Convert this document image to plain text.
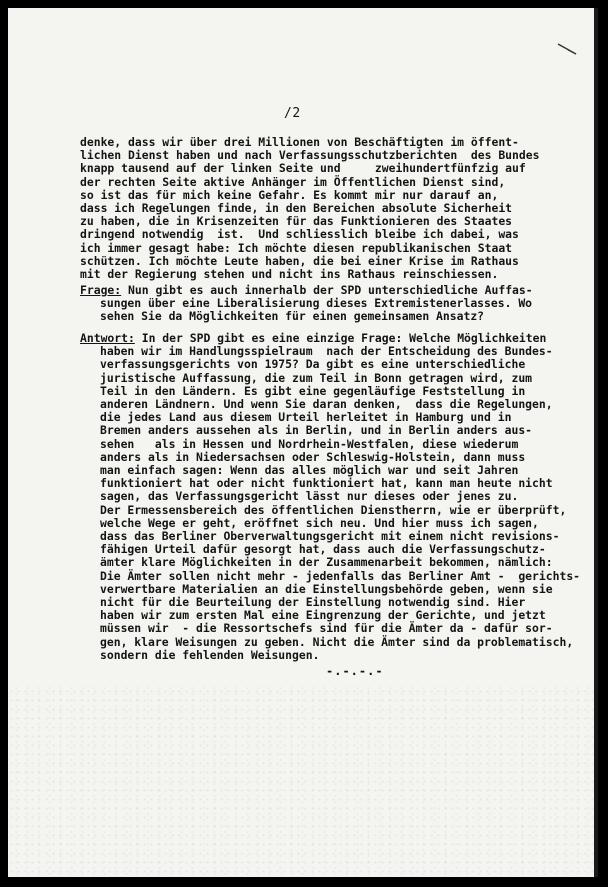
/2
denke, dass wir über drei Millionen von Beschäftigten im öffent-
lichen Dienst haben und nach Verfassungsschutzberichten  des Bundes
knapp tausend auf der linken Seite und     zweihundertfünfzig auf
der rechten Seite aktive Anhänger im Öffentlichen Dienst sind,
so ist das für mich keine Gefahr. Es kommt mir nur darauf an,
dass ich Regelungen finde, in den Bereichen absolute Sicherheit
zu haben, die in Krisenzeiten für das Funktionieren des Staates
dringend notwendig  ist.  Und schliesslich bleibe ich dabei, was
ich immer gesagt habe: Ich möchte diesen republikanischen Staat
schützen. Ich möchte Leute haben, die bei einer Krise im Rathaus
mit der Regierung stehen und nicht ins Rathaus reinschiessen.
Frage: Nun gibt es auch innerhalb der SPD unterschiedliche Auffas-
sungen über eine Liberalisierung dieses Extremistenerlasses. Wo
sehen Sie da Möglichkeiten für einen gemeinsamen Ansatz?
Antwort: In der SPD gibt es eine einzige Frage: Welche Möglichkeiten
haben wir im Handlungsspielraum  nach der Entscheidung des Bundes-
verfassungsgerichts von 1975? Da gibt es eine unterschiedliche
juristische Auffassung, die zum Teil in Bonn getragen wird, zum
Teil in den Ländern. Es gibt eine gegenläufige Feststellung in
anderen Ländnern. Und wenn Sie daran denken,  dass die Regelungen,
die jedes Land aus diesem Urteil herleitet in Hamburg und in
Bremen anders aussehen als in Berlin, und in Berlin anders aus-
sehen   als in Hessen und Nordrhein-Westfalen, diese wiederum
anders als in Niedersachsen oder Schleswig-Holstein, dann muss
man einfach sagen: Wenn das alles möglich war und seit Jahren
funktioniert hat oder nicht funktioniert hat, kann man heute nicht
sagen, das Verfassungsgericht lässt nur dieses oder jenes zu.
Der Ermessensbereich des öffentlichen Dienstherrn, wie er überprüft,
welche Wege er geht, eröffnet sich neu. Und hier muss ich sagen,
dass das Berliner Oberverwaltungsgericht mit einem nicht revisions-
fähigen Urteil dafür gesorgt hat, dass auch die Verfassungschutz-
ämter klare Möglichkeiten in der Zusammenarbeit bekommen, nämlich:
Die Ämter sollen nicht mehr - jedenfalls das Berliner Amt -  gerichts-
verwertbare Materialien an die Einstellungsbehörde geben, wenn sie
nicht für die Beurteilung der Einstellung notwendig sind. Hier
haben wir zum ersten Mal eine Eingrenzung der Gerichte, und jetzt
müssen wir  - die Ressortschefs sind für die Ämter da - dafür sor-
gen, klare Weisungen zu geben. Nicht die Ämter sind da problematisch,
sondern die fehlenden Weisungen.
-.-.-.-
